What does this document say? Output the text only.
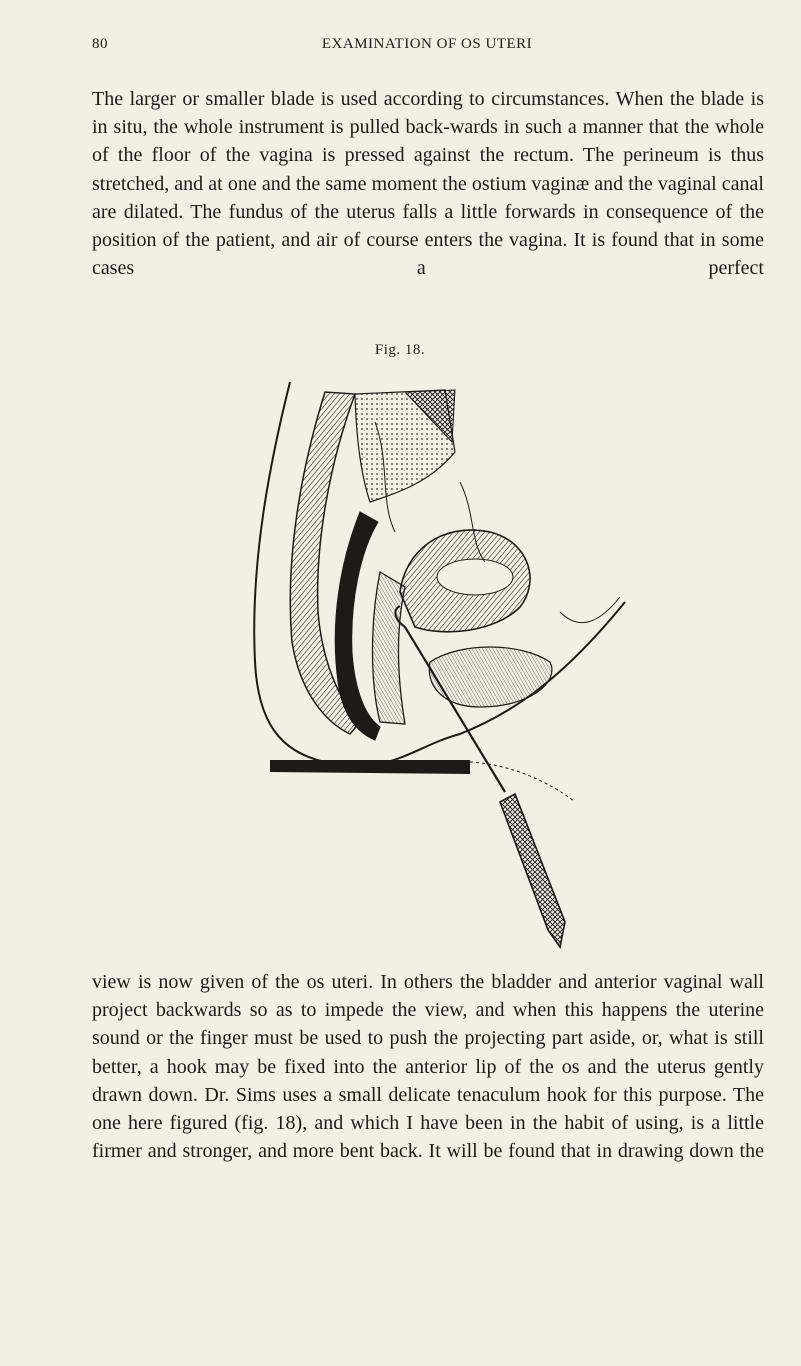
80	EXAMINATION OF OS UTERI

The larger or smaller blade is used according to circumstances. When the blade is in situ, the whole instrument is pulled back-wards in such a manner that the whole of the floor of the vagina is pressed against the rectum. The perineum is thus stretched, and at one and the same moment the ostium vaginæ and the vaginal canal are dilated. The fundus of the uterus falls a little forwards in consequence of the position of the patient, and air of course enters the vagina. It is found that in some cases a perfect

Fig. 18.

view is now given of the os uteri. In others the bladder and anterior vaginal wall project backwards so as to impede the view, and when this happens the uterine sound or the finger must be used to push the projecting part aside, or, what is still better, a hook may be fixed into the anterior lip of the os and the uterus gently drawn down. Dr. Sims uses a small delicate tenaculum hook for this purpose. The one here figured (fig. 18), and which I have been in the habit of using, is a little firmer and stronger, and more bent back. It will be found that in drawing down the
